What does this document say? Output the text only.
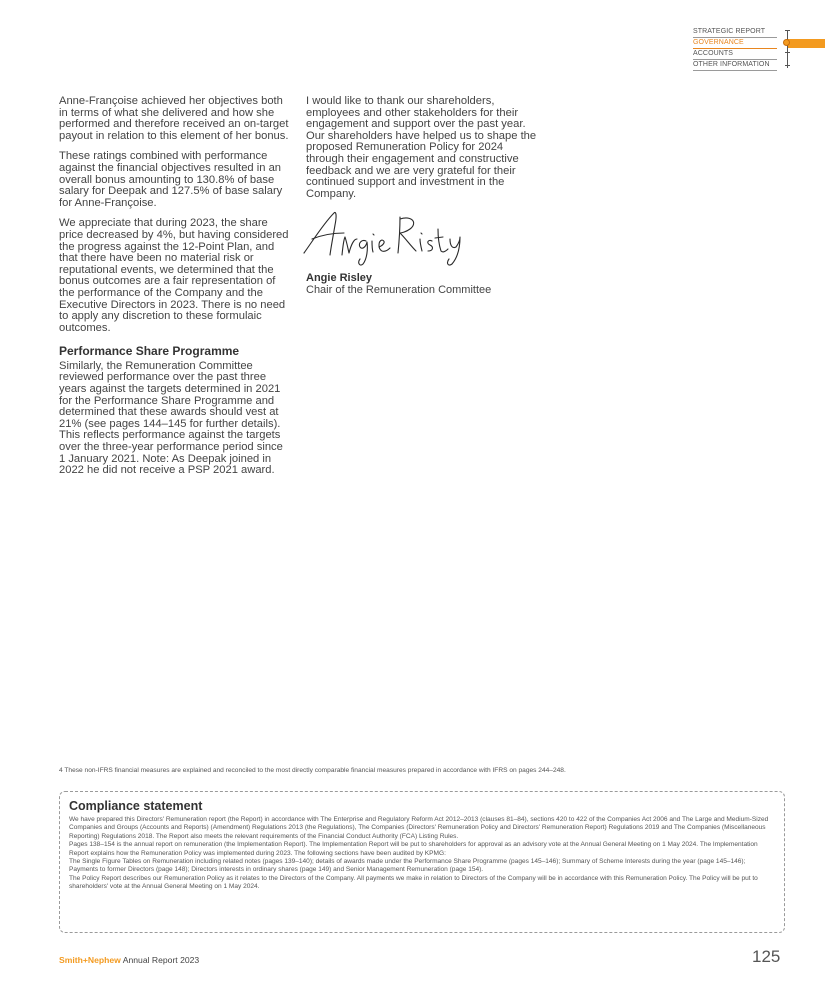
STRATEGIC REPORT
GOVERNANCE
ACCOUNTS
OTHER INFORMATION

Anne-Françoise achieved her objectives both in terms of what she delivered and how she performed and therefore received an on-target payout in relation to this element of her bonus.

These ratings combined with performance against the financial objectives resulted in an overall bonus amounting to 130.8% of base salary for Deepak and 127.5% of base salary for Anne-Françoise.

We appreciate that during 2023, the share price decreased by 4%, but having considered the progress against the 12-Point Plan, and that there have been no material risk or reputational events, we determined that the bonus outcomes are a fair representation of the performance of the Company and the Executive Directors in 2023. There is no need to apply any discretion to these formulaic outcomes.

Performance Share Programme

Similarly, the Remuneration Committee reviewed performance over the past three years against the targets determined in 2021 for the Performance Share Programme and determined that these awards should vest at 21% (see pages 144–145 for further details). This reflects performance against the targets over the three-year performance period since 1 January 2021. Note: As Deepak joined in 2022 he did not receive a PSP 2021 award.

I would like to thank our shareholders, employees and other stakeholders for their engagement and support over the past year. Our shareholders have helped us to shape the proposed Remuneration Policy for 2024 through their engagement and constructive feedback and we are very grateful for their continued support and investment in the Company.

Angie Risley
Chair of the Remuneration Committee
4 These non-IFRS financial measures are explained and reconciled to the most directly comparable financial measures prepared in accordance with IFRS on pages 244–248.
Compliance statement

We have prepared this Directors' Remuneration report (the Report) in accordance with The Enterprise and Regulatory Reform Act 2012–2013 (clauses 81–84), sections 420 to 422 of the Companies Act 2006 and The Large and Medium-Sized Companies and Groups (Accounts and Reports) (Amendment) Regulations 2013 (the Regulations), The Companies (Directors' Remuneration Policy and Directors' Remuneration Report) Regulations 2019 and The Companies (Miscellaneous Reporting) Regulations 2018. The Report also meets the relevant requirements of the Financial Conduct Authority (FCA) Listing Rules.

Pages 138–154 is the annual report on remuneration (the Implementation Report). The Implementation Report will be put to shareholders for approval as an advisory vote at the Annual General Meeting on 1 May 2024. The Implementation Report explains how the Remuneration Policy was implemented during 2023. The following sections have been audited by KPMG:

The Single Figure Tables on Remuneration including related notes (pages 139–140); details of awards made under the Performance Share Programme (pages 145–146); Summary of Scheme Interests during the year (page 145–146); Payments to former Directors (page 148); Directors interests in ordinary shares (page 149) and Senior Management Remuneration (page 154).

The Policy Report describes our Remuneration Policy as it relates to the Directors of the Company. All payments we make in relation to Directors of the Company will be in accordance with this Remuneration Policy. The Policy will be put to shareholders' vote at the Annual General Meeting on 1 May 2024.

Smith+Nephew Annual Report 2023	125
